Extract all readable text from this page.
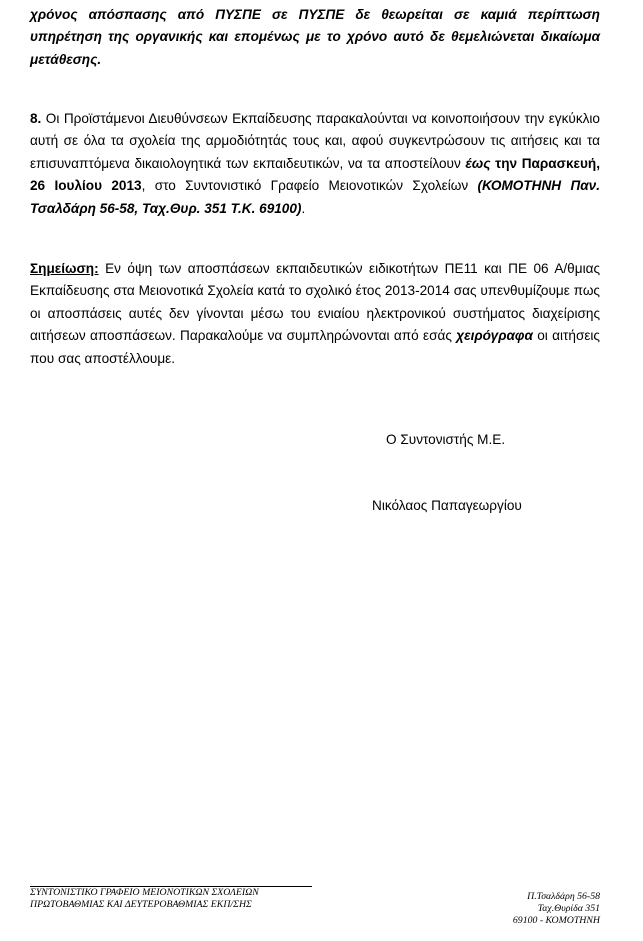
χρόνος απόσπασης από ΠΥΣΠΕ σε ΠΥΣΠΕ δε θεωρείται σε καμιά περίπτωση υπηρέτηση της οργανικής και επομένως με το χρόνο αυτό δε θεμελιώνεται δικαίωμα μετάθεσης.

8. Οι Προϊστάμενοι Διευθύνσεων Εκπαίδευσης παρακαλούνται να κοινοποιήσουν την εγκύκλιο αυτή σε όλα τα σχολεία της αρμοδιότητάς τους και, αφού συγκεντρώσουν τις αιτήσεις και τα επισυναπτόμενα δικαιολογητικά των εκπαιδευτικών, να τα αποστείλουν έως την Παρασκευή, 26 Ιουλίου 2013, στο Συντονιστικό Γραφείο Μειονοτικών Σχολείων (ΚΟΜΟΤΗΝΗ Παν. Τσαλδάρη 56-58, Ταχ.Θυρ. 351 Τ.Κ. 69100).

Σημείωση: Εν όψη των αποσπάσεων εκπαιδευτικών ειδικοτήτων ΠΕ11 και ΠΕ 06 Α/θμιας Εκπαίδευσης στα Μειονοτικά Σχολεία κατά το σχολικό έτος 2013-2014 σας υπενθυμίζουμε πως οι αποσπάσεις αυτές δεν γίνονται μέσω του ενιαίου ηλεκτρονικού συστήματος διαχείρισης αιτήσεων αποσπάσεων. Παρακαλούμε να συμπληρώνονται από εσάς χειρόγραφα οι αιτήσεις που σας αποστέλλουμε.

Ο Συντονιστής Μ.Ε.

Νικόλαος Παπαγεωργίου

ΣΥΝΤΟΝΙΣΤΙΚΟ ΓΡΑΦΕΙΟ ΜΕΙΟΝΟΤΙΚΩΝ ΣΧΟΛΕΙΩΝ
ΠΡΩΤΟΒΑΘΜΙΑΣ ΚΑΙ ΔΕΥΤΕΡΟΒΑΘΜΙΑΣ ΕΚΠ/ΣΗΣ
Π.Τσαλδάρη 56-58
Ταχ.Θυρίδα 351
69100 - ΚΟΜΟΤΗΝΗ
